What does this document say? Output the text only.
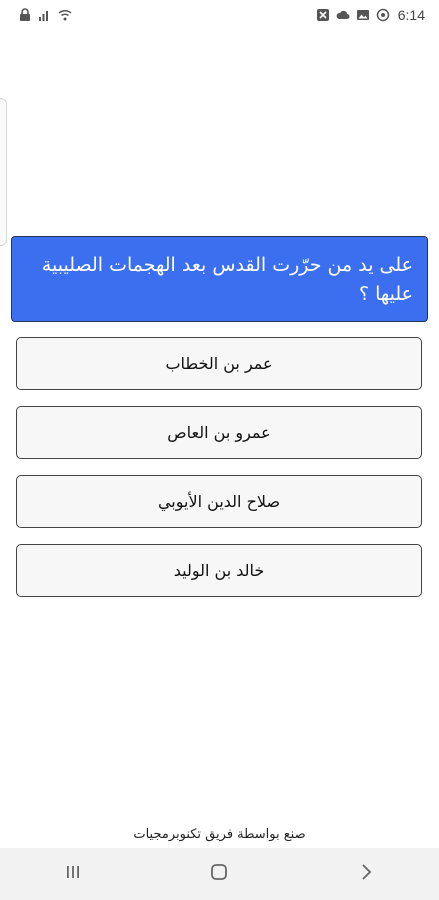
6:14
على يد من حرّرت القدس بعد الهجمات الصليبية عليها ؟
عمر بن الخطاب
عمرو بن العاص
صلاح الدين الأيوبي
خالد بن الوليد
صنع بواسطة فريق تكنوبرمجيات
